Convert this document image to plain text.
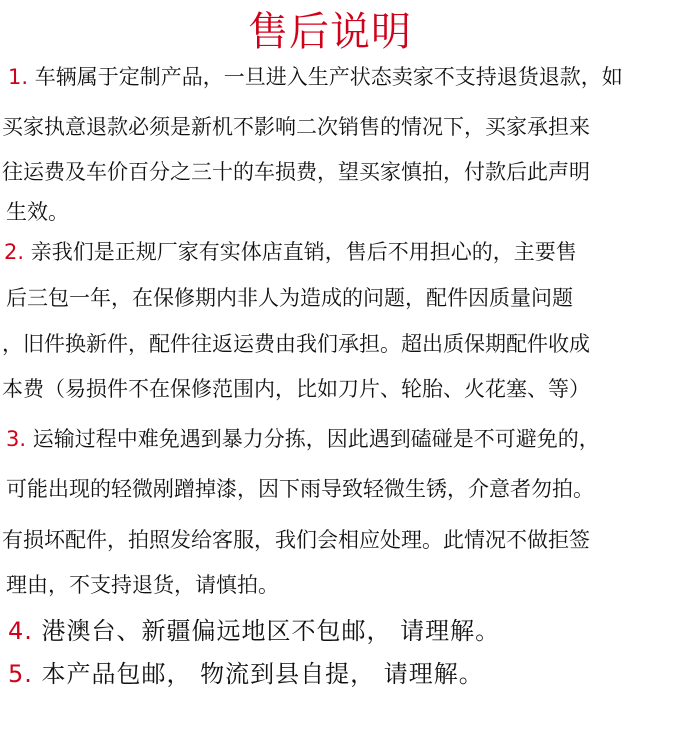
售后说明
1. 车辆属于定制产品，一旦进入生产状态卖家不支持退货退款，如
买家执意退款必须是新机不影响二次销售的情况下，买家承担来
往运费及车价百分之三十的车损费，望买家慎拍，付款后此声明
生效。
2. 亲我们是正规厂家有实体店直销，售后不用担心的，主要售
后三包一年，在保修期内非人为造成的问题，配件因质量问题
，旧件换新件，配件往返运费由我们承担。超出质保期配件收成
本费（易损件不在保修范围内，比如刀片、轮胎、火花塞、等）
3. 运输过程中难免遇到暴力分拣，因此遇到磕碰是不可避免的，
可能出现的轻微剐蹭掉漆，因下雨导致轻微生锈，介意者勿拍。
有损坏配件，拍照发给客服，我们会相应处理。此情况不做拒签
理由，不支持退货，请慎拍。
4. 港澳台、新疆偏远地区不包邮， 请理解。
5. 本产品包邮， 物流到县自提， 请理解。
